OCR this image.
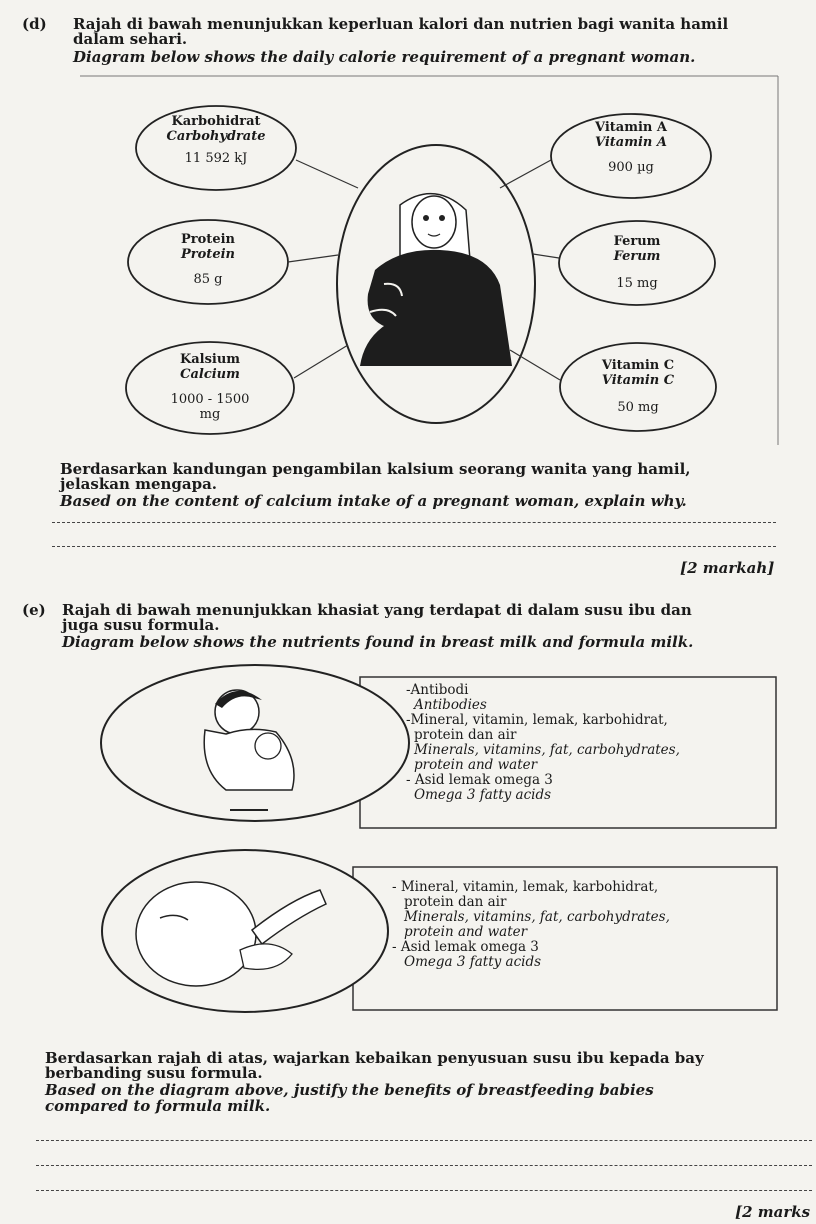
(d) Rajah di bawah menunjukkan keperluan kalori dan nutrien bagi wanita hamil
dalam sehari.
Diagram below shows the daily calorie requirement of a pregnant woman.
Karbohidrat
Carbohydrate
11 592 kJ
Protein
Protein
85 g
Kalsium
Calcium
1000 - 1500
mg
Vitamin A
Vitamin A
900 µg
Ferum
Ferum
15 mg
Vitamin C
Vitamin C
50 mg
Berdasarkan kandungan pengambilan kalsium seorang wanita yang hamil,
jelaskan mengapa.
Based on the content of calcium intake of a pregnant woman, explain why.
[2 markah]
(e) Rajah di bawah menunjukkan khasiat yang terdapat di dalam susu ibu dan
juga susu formula.
Diagram below shows the nutrients found in breast milk and formula milk.
-Antibodi
Antibodies
-Mineral, vitamin, lemak, karbohidrat,
protein dan air
Minerals, vitamins, fat, carbohydrates,
protein and water
- Asid lemak omega 3
Omega 3 fatty acids
- Mineral, vitamin, lemak, karbohidrat,
protein dan air
Minerals, vitamins, fat, carbohydrates,
protein and water
- Asid lemak omega 3
Omega 3 fatty acids
Berdasarkan rajah di atas, wajarkan kebaikan penyusuan susu ibu kepada bay
berbanding susu formula.
Based on the diagram above, justify the benefits of breastfeeding babies
compared to formula milk.
[2 marks
